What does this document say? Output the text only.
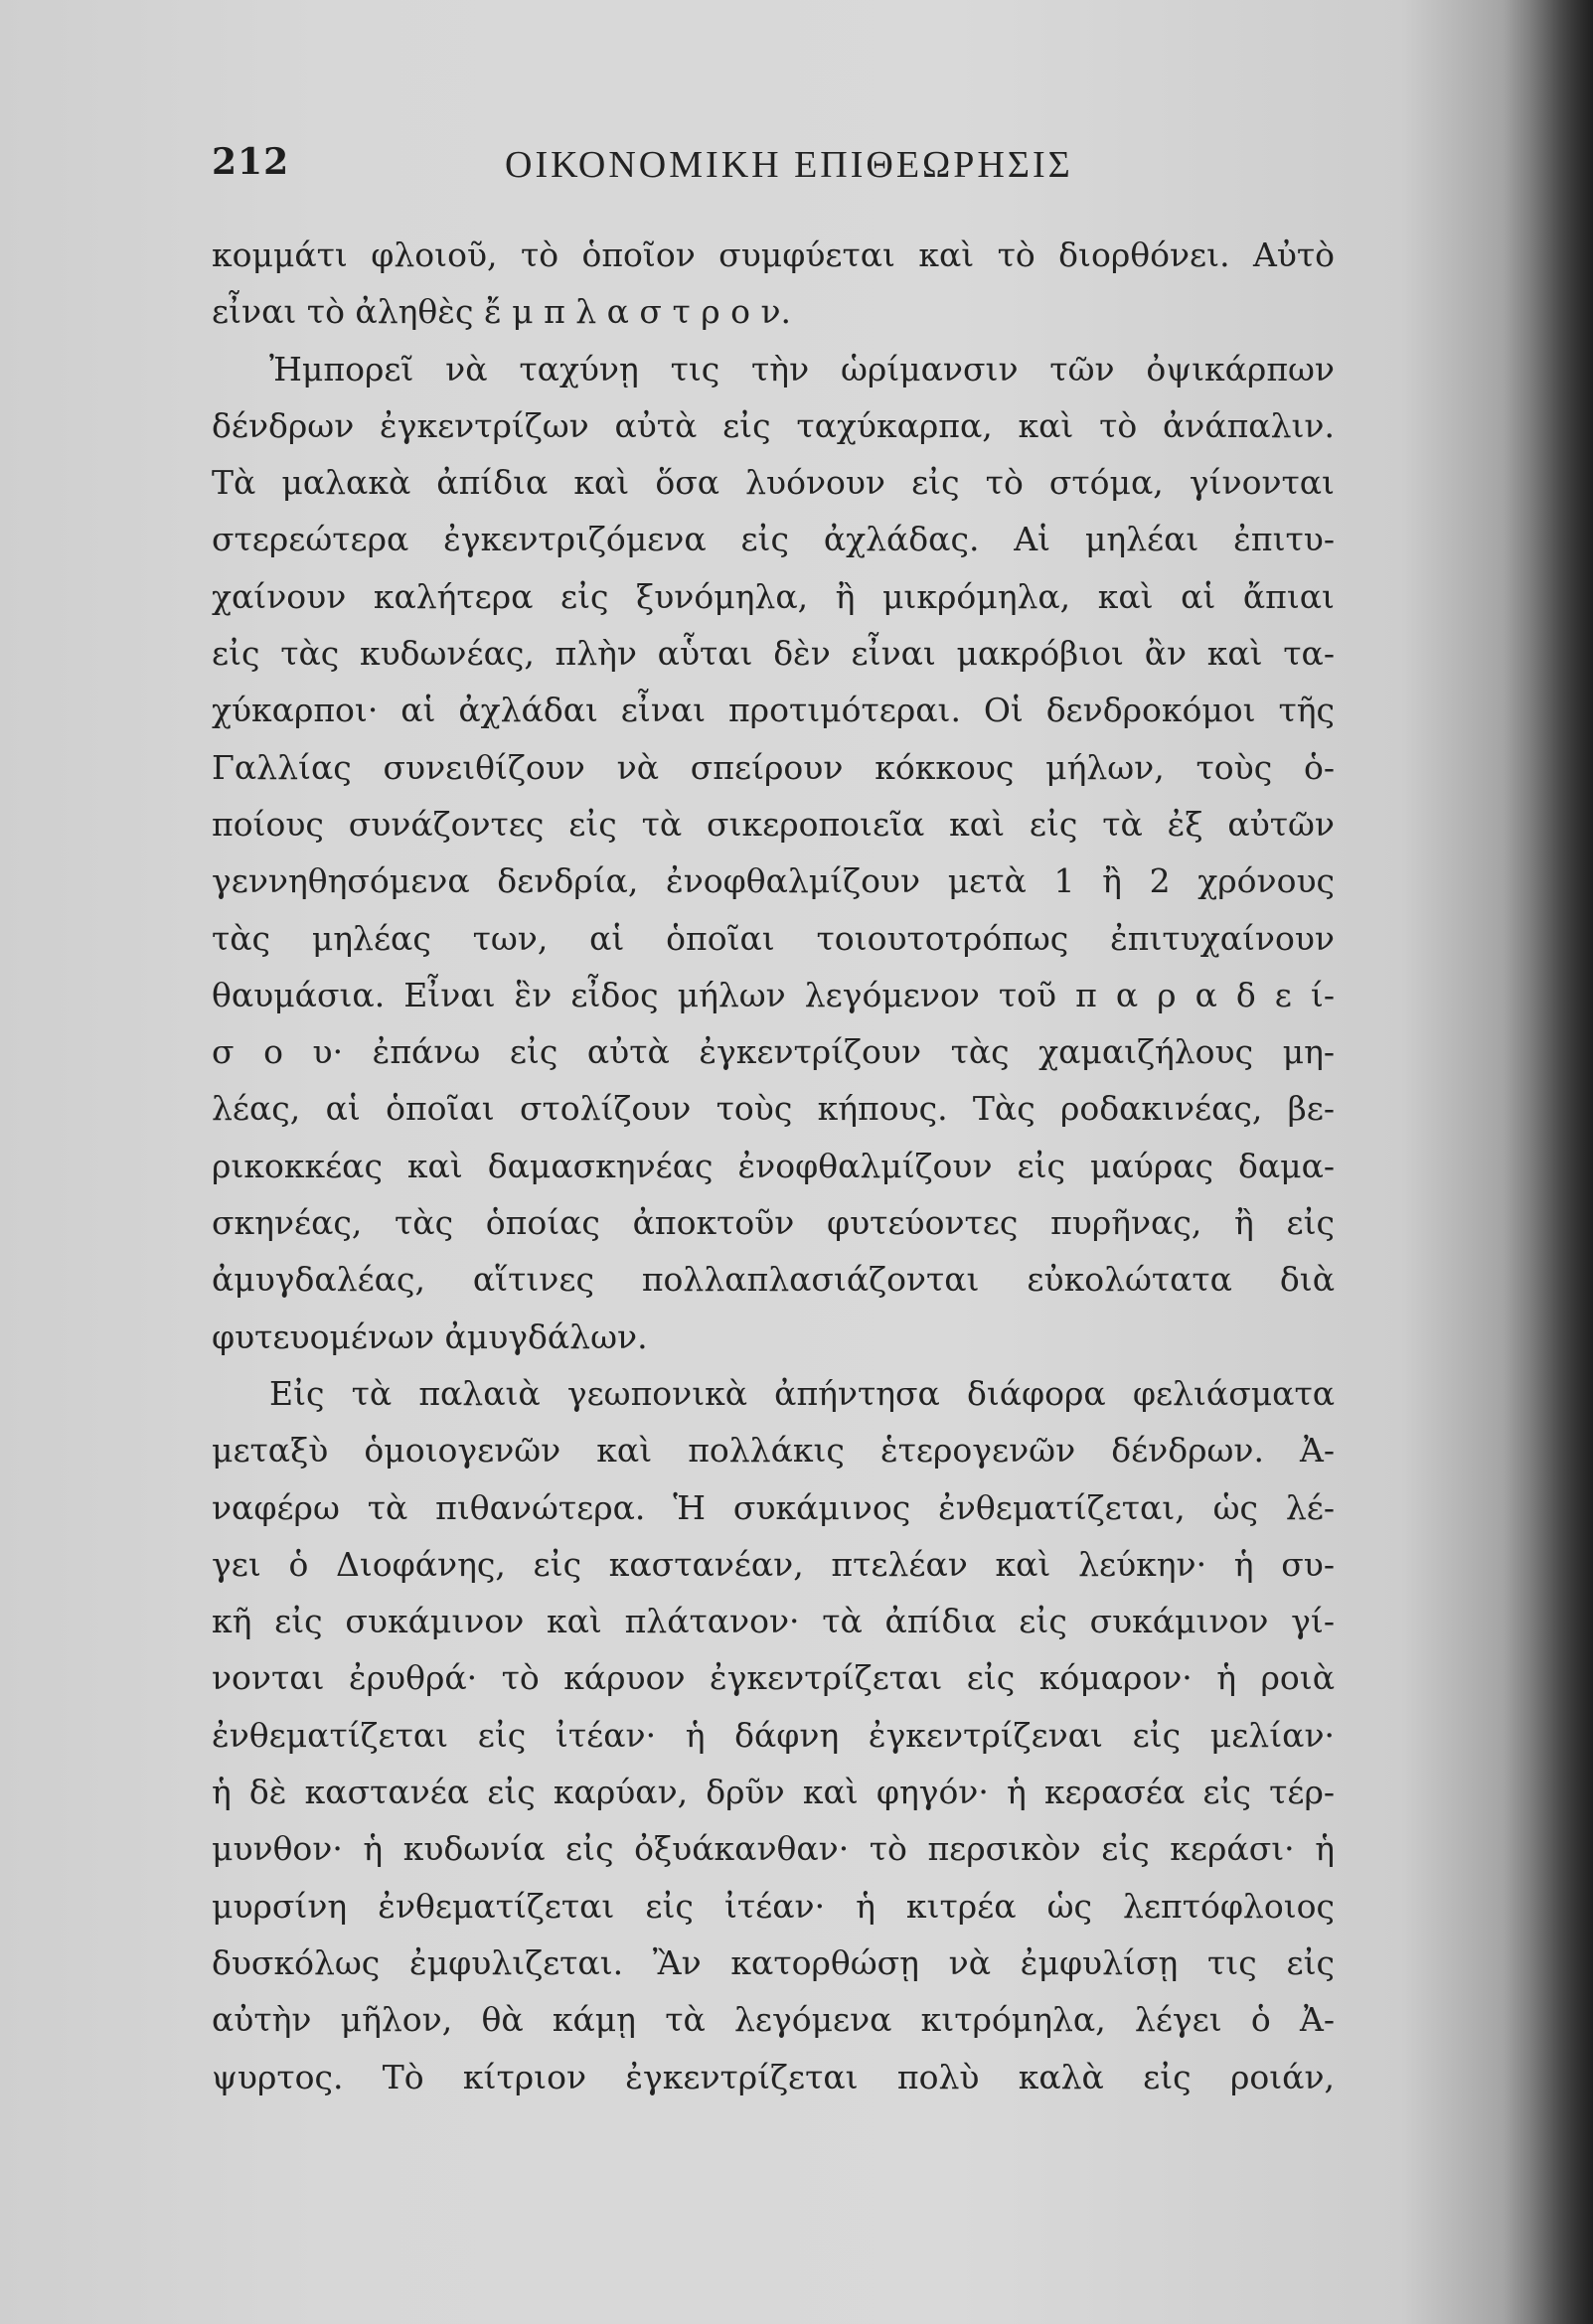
212	ΟΙΚΟΝΟΜΙΚΗ ΕΠΙΘΕΩΡΗΣΙΣ
κομμάτι φλοιοῦ, τὸ ὁποῖον συμφύεται καὶ τὸ διορθόνει. Αὐτὸ
εἶναι τὸ ἀληθὲς ἔ μ π λ α σ τ ρ ο ν.
Ἠμπορεῖ νὰ ταχύνῃ τις τὴν ὡρίμανσιν τῶν ὀψικάρπων
δένδρων ἐγκεντρίζων αὐτὰ εἰς ταχύκαρπα, καὶ τὸ ἀνάπαλιν.
Τὰ μαλακὰ ἀπίδια καὶ ὅσα λυόνουν εἰς τὸ στόμα, γίνονται
στερεώτερα ἐγκεντριζόμενα εἰς ἀχλάδας. Αἱ μηλέαι ἐπιτυ-
χαίνουν καλήτερα εἰς ξυνόμηλα, ἢ μικρόμηλα, καὶ αἱ ἄπιαι
εἰς τὰς κυδωνέας, πλὴν αὗται δὲν εἶναι μακρόβιοι ἂν καὶ τα-
χύκαρποι· αἱ ἀχλάδαι εἶναι προτιμότεραι. Οἱ δενδροκόμοι τῆς
Γαλλίας συνειθίζουν νὰ σπείρουν κόκκους μήλων, τοὺς ὁ-
ποίους συνάζοντες εἰς τὰ σικεροποιεῖα καὶ εἰς τὰ ἐξ αὐτῶν
γεννηθησόμενα δενδρία, ἐνοφθαλμίζουν μετὰ 1 ἢ 2 χρόνους
τὰς μηλέας των, αἱ ὁποῖαι τοιουτοτρόπως ἐπιτυχαίνουν
θαυμάσια. Εἶναι ἓν εἶδος μήλων λεγόμενον τοῦ π α ρ α δ ε ί-
σ ο υ· ἐπάνω εἰς αὐτὰ ἐγκεντρίζουν τὰς χαμαιζήλους μη-
λέας, αἱ ὁποῖαι στολίζουν τοὺς κήπους. Τὰς ροδακινέας, βε-
ρικοκκέας καὶ δαμασκηνέας ἐνοφθαλμίζουν εἰς μαύρας δαμα-
σκηνέας, τὰς ὁποίας ἀποκτοῦν φυτεύοντες πυρῆνας, ἢ εἰς
ἀμυγδαλέας, αἵτινες πολλαπλασιάζονται εὐκολώτατα διὰ
φυτευομένων ἀμυγδάλων.
Εἰς τὰ παλαιὰ γεωπονικὰ ἀπήντησα διάφορα φελιάσματα
μεταξὺ ὁμοιογενῶν καὶ πολλάκις ἑτερογενῶν δένδρων. Ἀ-
ναφέρω τὰ πιθανώτερα. Ἡ συκάμινος ἐνθεματίζεται, ὡς λέ-
γει ὁ Διοφάνης, εἰς καστανέαν, πτελέαν καὶ λεύκην· ἡ συ-
κῆ εἰς συκάμινον καὶ πλάτανον· τὰ ἀπίδια εἰς συκάμινον γί-
νονται ἐρυθρά· τὸ κάρυον ἐγκεντρίζεται εἰς κόμαρον· ἡ ροιὰ
ἐνθεματίζεται εἰς ἰτέαν· ἡ δάφνη ἐγκεντρίζεναι εἰς μελίαν·
ἡ δὲ καστανέα εἰς καρύαν, δρῦν καὶ φηγόν· ἡ κερασέα εἰς τέρ-
μυνθον· ἡ κυδωνία εἰς ὀξυάκανθαν· τὸ περσικὸν εἰς κεράσι· ἡ
μυρσίνη ἐνθεματίζεται εἰς ἰτέαν· ἡ κιτρέα ὡς λεπτόφλοιος
δυσκόλως ἐμφυλιζεται. Ἂν κατορθώσῃ νὰ ἐμφυλίσῃ τις εἰς
αὐτὴν μῆλον, θὰ κάμῃ τὰ λεγόμενα κιτρόμηλα, λέγει ὁ Ἀ-
ψυρτος. Τὸ κίτριον ἐγκεντρίζεται πολὺ καλὰ εἰς ροιάν,
